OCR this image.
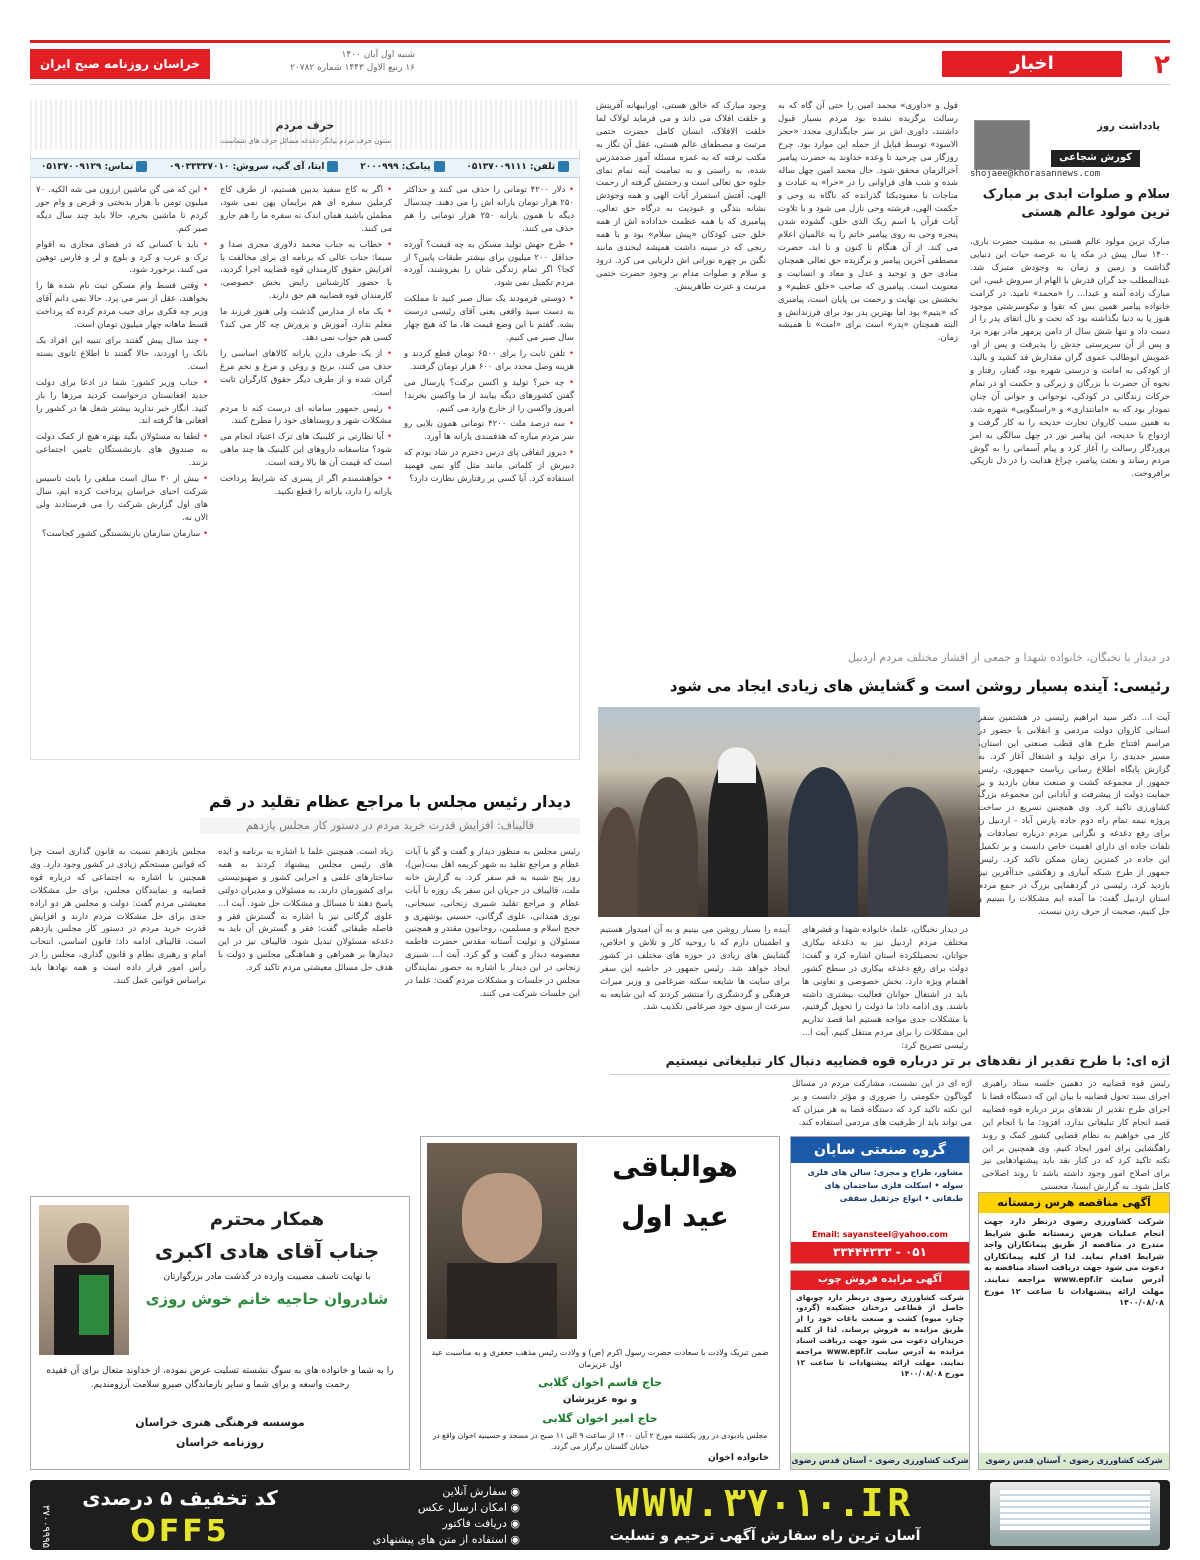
۲
اخبار
شنبه اول آبان ۱۴۰۰
۱۶ ربیع الاول ۱۴۴۳ شماره ۲۰۷۸۲
خراسان روزنامه صبح ایران
یادداشت روز
کورش شجاعی
shojaee@khorasannews.com
سلام و صلوات ابدی بر مبارک ترین مولود عالم هستی
مبارک ترین مولود عالم هستی به مشیت حضرت باری، ۱۴۰۰ سال پیش در مکه پا به عرصه حیات این دنیایی گذاشت و زمین و زمان به وجودش متبرک شد. عبدالمطلب جد گران قدرش با الهام از سروش غیبی، این مبارک زاده آمنه و عبدا... را «محمد» نامید. در کرامت خانواده پیامبر همین بس که تقوا و نیکوسرشتی موجود هنوز پا به دنیا نگذاشته بود که تحت و بال اتقای پدر را از دست داد و تنها شش سال از دامن پرمهر مادر بهره برد و پس از آن سرپرستی جدش را پذیرفت و پس از او، عمویش ابوطالب عموی گران مقدارش قد کشید و بالید. از کودکی به امانت و درستی شهره بود، گفتار، رفتار و نحوه آن حضرت با بزرگان و زیرکی و حکمت او در تمام حرکات زندگانی در کودکی، نوجوانی و جوانی آن چنان نمودار بود که به «امانتداری» و «راستگویی» شهره شد. به همین سبب کاروان تجارت خدیجه را به کار گرفت و ازدواج با خدیجه، این پیامبر نور در چهل سالگی به امر پروردگار رسالت را آغاز کرد و پیام آسمانی را به گوش مردم رساند و بعثت پیامبر، چراغ هدایت را در دل تاریکی برافروخت.
قول و «داوری» محمد امین را حتی آن گاه که به رسالت برگزیده نشده بود مردم بسیار قبول داشتند، داوری اش بر سر جایگذاری مجدد «حجر الاسود» توسط قبایل از جمله این موارد بود. چرخ روزگار می چرخید تا وعده خداوند به حضرت پیامبر آخرالزمان محقق شود. حال محمد امین چهل ساله شده و شب های فراوانی را در «حرا» به عبادت و مناجات با معبودیکتا گذرانده که ناگاه به وحی و حکمت الهی، فرشته وحی نازل می شود و با تلاوت آیات قرآن با اسم ربک الذی خلق، گشوده شدن پنجره وحی به روی پیامبر خاتم را به عالمیان اعلام می کند. از آن هنگام تا کنون و تا ابد، حضرت مصطفی آخرین پیامبر و برگزیده حق تعالی همچنان منادی حق و توحید و عدل و معاد و انسانیت و معنویت است. پیامبری که صاحب «خلق عظیم» و بخشش بی نهایت و رحمت بی پایان است، پیامبری که «یتیم» بود اما بهترین پدر بود برای فرزندانش و البته همچنان «پدر» است برای «امت» تا همیشه زمان.
وجود مبارک که خالق هستی، اوراببهانه آفرینش و خلقت افلاک می داند و می فرماید لولاک لما خلقت الافلاک، انسان کامل حضرت ختمی مرتبت و مصطفای عالم هستی، عقل آن نگار به مکتب نرفته که به غمزه مسئله آموز صدمدرس شده، به راستی و به تمامیت آینه تمام نمای جلوه حق تعالی است و رحمتش گرفته از رحمت الهی، آفتش استمرار آیات الهی و همه وجودش نشانه بندگی و عبودیت به درگاه حق تعالی. پیامبری که با همه عظمت خداداده اش از همه خلق حتی کودکان «پیش سلام» بود و با همه رنجی که در سینه داشت همیشه لبخندی مانند نگین بر چهره نورانی اش دلربایی می کرد. درود و سلام و صلوات مدام بر وجود حضرت ختمی مرتبت و عترت طاهرینش.
حرف مردم
ستون حرف مردم بیانگر دغدغه مسائل حرف های شماست.
تلفن: ۰۵۱۳۷۰۰۹۱۱۱
پیامک: ۲۰۰۰۹۹۹
ایتا، آی گپ، سروش: ۰۹۰۳۳۳۳۷۰۱۰
تماس: ۰۵۱۳۷۰۰۹۱۲۹

• دلار ۴۲۰۰ تومانی را حذف می کنند و حداکثر ۲۵۰ هزار تومان یارانه اش را می دهند. چندسال دیگه با همون یارانه ۲۵۰ هزار تومانی را هم حذف می کنند.

• طرح جهش تولید مسکن به چه قیمت؟ آورده حداقل ۲۰۰ میلیون برای بیشتر طبقات پایین؟ از کجا؟ اگر تمام زندگی شان را بفروشند، آورده مردم تکمیل نمی شود.

• دوستی فرمودند یک سال صبر کنید تا مملکت به دست سید واقعی یعنی آقای رئیسی درست بشه. گفتم با این وضع قیمت ها، ما که هیچ چهار سال صبر می کنیم.

• تلفن ثابت را برای ۶۵۰۰ تومان قطع کردند و هزینه وصل مجدد برای ۶۰۰ هزار تومان گرفتند.

• چه خبر؟ تولید و اکسن برکت؟ پارسال می گفتن کشورهای دیگه بیایند از ما واکسن بخرند! امروز واکسن را از خارج وارد می کنیم.

• سه درصد ملت ۴۲۰۰ تومانی همون بلایی رو سر مردم میاره که هدفمندی یارانه ها آورد.

• دیروز اتفاقی پای درس دخترم در شاد بودم که دبیرش از کلماتی مانند مثل گاو نمی فهمید استفاده کرد. آیا کسی بر رفتارش نظارت دارد؟

• اگر به کاج سفید بدبین هستیم، از طرف کاج کرملین سفره ای هم برایمان پهن نمی شود، مطمئن باشید همان اندک نه سفره ما را هم جارو می کنند.

• خطاب به جناب محمد دلاوری مجری صدا و سیما: جناب عالی که برنامه ای برای مخالفت با افزایش حقوق کارمندان قوه قضاییه اجرا کردید، با حضور کارشناس رایض بخش خصوصی. کارمندان قوه قضاییه هم حق دارند.

• یک ماه از مدارس گذشت ولی هنوز فرزند ما معلم ندارد، آموزش و پرورش چه کار می کند؟ کسی هم جواب نمی دهد.

• از یک طرف دارن یارانه کالاهای اساسی را حذف می کنند، برنج و روغن و مرغ و تخم مرغ گران شده و از طرف دیگر حقوق کارگران ثابت است.

• رئیس جمهور سامانه ای درست کنه تا مردم مشکلات شهر و روستاهای خود را مطرح کنند.

• آیا نظارتی بر کلینیک های ترک اعتیاد انجام می شود؟ متاسفانه داروهای این کلینیک ها چند ماهی است که قیمت آن ها بالا رفته است.

• خواهشمندم اگر از پسری که شرایط پرداخت یارانه را دارد، یارانه را قطع نکنید.

• این که می گن ماشین ارزون می شه الکیه. ۷۰ میلیون تومن با هزار بدبختی و قرض و وام جور کردم تا ماشین بخرم، حالا باید چند سال دیگه صبر کنم.

• باید با کسانی که در فضای مجازی به اقوام ترک و عرب و کرد و بلوچ و لر و فارس توهین می کنند، برخورد شود.

• وقتی قسط وام مسکن ثبت نام شده ها را بخواهند، عقل از سر می پرد. حالا نمی دانم آقای وزیر چه فکری برای جیب مردم کرده که پرداخت قسط ماهانه چهار میلیون تومان است.

• چند سال پیش گفتند برای تنبیه این افراد یک بانک را اوردند، حالا گفتند تا اطلاع ثانوی بسته است.

• جناب وزیر کشور: شما در ادعا برای دولت جدید افغانستان درخواست کردید مرزها را باز کنید. انگار خبر ندارید بیشتر شغل ها در کشور را افغانی ها گرفته اند.

• لطفا به مسئولان بگید بهتره هیچ از کمک دولت به صندوق های بازنشستگان تامین اجتماعی نزنند.

• بیش از ۳۰ سال است مبلغی را بابت تاسیس شرکت احیای خراسان پرداخت کرده ایم، سال های اول گزارش شرکت را می فرستادند ولی الان نه.

• سازمان سازمان بازنشستگی کشور کجاست؟

در دیدار با نخبگان، خانواده شهدا و جمعی از اقشار مختلف مردم اردبیل
رئیسی: آینده بسیار روشن است و گشایش های زیادی ایجاد می شود
آیت ا... دکتر سید ابراهیم رئیسی در هشتمین سفر استانی کاروان دولت مردمی و انقلابی با حضور در مراسم افتتاح طرح های قطب صنعتی این استان، مسیر جدیدی را برای تولید و اشتغال آغاز کرد. به گزارش پایگاه اطلاع رسانی ریاست جمهوری، رئیس جمهور از مجموعه کشت و صنعت مغان بازدید و بر حمایت دولت از پیشرفت و آبادانی این مجموعه بزرگ کشاورزی تاکید کرد. وی همچنین تسریع در ساخت پروژه نیمه تمام راه دوم جاده پارس آباد - اردبیل را برای رفع دغدغه و نگرانی مردم درباره تصادفات و تلفات جاده ای دارای اهمیت خاص دانست و بر تکمیل این جاده در کمترین زمان ممکن تاکید کرد. رئیس جمهور از طرح شبکه آبیاری و زهکشی خداآفرین نیز بازدید کرد. رئیسی در گردهمایی بزرگ در جمع مردم استان اردبیل گفت: ما آمده ایم مشکلات را ببینیم و حل کنیم، صحبت از حرف زدن نیست.
در دیدار نخبگان، علما، خانواده شهدا و قشرهای مختلف مردم اردبیل نیز به دغدغه بیکاری جوانان، تحصیلکرده استان اشاره کرد و گفت: دولت برای رفع دغدغه بیکاری در سطح کشور اهتمام ویژه دارد. بخش خصوصی و تعاونی ها باید در اشتغال جوانان فعالیت بیشتری داشته باشند. وی ادامه داد: ما دولت را تحویل گرفتیم، با مشکلات جدی مواجه هستیم اما قصد نداریم این مشکلات را برای مردم منتقل کنیم. آیت ا... رئیسی تصریح کرد:
آینده را بسیار روشن می بینیم و به آن امیدوار هستیم و اطمینان دارم که با روحیه کار و تلاش و اخلاص، گشایش های زیادی در حوزه های مختلف در کشور ایجاد خواهد شد. رئیس جمهور در حاشیه این سفر برای سایت ها شایعه سکته ضرغامی و وزیر میراث فرهنگی و گردشگری را منتشر کردند که این شایعه به سرعت از سوی خود ضرغامی تکذیب شد.
دیدار رئیس مجلس با مراجع عظام تقلید در قم
قالیباف: افزایش قدرت خرید مردم در دستور کار مجلس یازدهم
رئیس مجلس به منظور دیدار و گفت و گو با آیات عظام و مراجع تقلید به شهر کریمه اهل بیت(س)، روز پنج شنبه به قم سفر کرد. به گزارش خانه ملت، قالیباف در جریان این سفر یک روزه با آیات عظام و مراجع تقلید شبیری زنجانی، سبحانی، نوری همدانی، علوی گرگانی، حسینی بوشهری و حجج اسلام و مسلمین، روحانیون مقتدر و همچنین مسئولان و تولیت آستانه مقدس حضرت فاطمه معصومه دیدار و گفت و گو کرد. آیت ا... شبیری زنجانی در این دیدار با اشاره به حضور نمایندگان مجلس در جلسات و مشکلات مردم گفت: علما در این جلسات شرکت می کنند.
زیاد است. همچنین علما با اشاره به برنامه و ایده های رئیس مجلس پیشنهاد کردند به همه ساختارهای علمی و اجرایی کشور و صهیونیستی برای کشورمان دارند، به مسئولان و مدیران دولتی پاسخ دهند تا مسائل و مشکلات حل شود. آیت ا... علوی گرگانی نیز با اشاره به گسترش فقر و فاصله طبقاتی گفت: فقر و گسترش آن باید به دغدغه مسئولان تبدیل شود. قالیباف نیز در این دیدارها بر همراهی و هماهنگی مجلس و دولت با هدف حل مسائل معیشتی مردم تاکید کرد.
مجلس یازدهم نسبت به قانون گذاری است چرا که قوانین مستحکم زیادی در کشور وجود دارد. وی همچنین با اشاره به اجتماعی که درباره قوه قضاییه و نمایندگان مجلس، برای حل مشکلات معیشتی مردم گفت: دولت و مجلس هر دو اراده جدی برای حل مشکلات مردم دارند و افزایش قدرت خرید مردم در دستور کار مجلس یازدهم است. قالیباف ادامه داد: قانون اساسی، انتخاب امام و رهبری نظام و قانون گذاری، مجلس را در رأس امور قرار داده است و همه نهادها باید براساس قوانین عمل کنند.
اژه ای: با طرح تقدیر از نقدهای بر تر درباره قوه قضاییه دنبال کار تبلیغاتی نیستیم
رئیس قوه قضاییه در دهمین جلسه ستاد راهبری اجرای سند تحول قضاییه با بیان این که دستگاه قضا با اجرای طرح تقدیر از نقدهای برتر درباره قوه قضاییه قصد انجام کار تبلیغاتی ندارد، افزود: ما با انجام این کار می خواهیم به نظام قضایی کشور کمک و روند راهگشایی برای امور ایجاد کنیم. وی همچنین بر این نکته تاکید کرد که در کنار نقد باید پیشنهادهایی نیز برای اصلاح امور وجود داشته باشد تا روند اصلاحی کامل شود. به گزارش ایسنا، محسنی
اژه ای در این نشست، مشارکت مردم در مسائل گوناگون حکومتی را ضروری و مؤثر دانست و بر این نکته تاکید کرد که دستگاه قضا به هر میزان که می تواند باید از ظرفیت های مردمی استفاده کند.
گروه صنعتی سایان
مشاور، طراح و مجری: سالن های فلزی سوله • اسکلت فلزی ساختمان های طبقاتی • انواع جرثقیل سقفی
Email: sayansteel@yahoo.com
۰۵۱ - ۳۳۴۴۴۳۳۳
آگهی مزایده فروش چوب
شرکت کشاورزی رضوی درنظر دارد چوبهای حاصل از قطاعی درختان خشکیده (گردو، چنار، میوه) کشت و صنعت باغات خود را از طریق مزایده به فروش برساند. لذا از کلیه خریداران دعوت می شود جهت دریافت اسناد مزایده به آدرس سایت www.epf.ir مراجعه نمایند. مهلت ارائه پیشنهادات تا ساعت ۱۲ مورخ ۱۴۰۰/۰۸/۰۸
شرکت کشاورزی رضوی - آستان قدس رضوی
آگهی مناقصه هرس زمستانه
شرکت کشاورزی رضوی درنظر دارد جهت انجام عملیات هرس زمستانه طبق شرایط مندرج در مناقصه از طریق پیمانکاران واجد شرایط اقدام نماید. لذا از کلیه پیمانکاران دعوت می شود جهت دریافت اسناد مناقصه به آدرس سایت www.epf.ir مراجعه نمایند. مهلت ارائه پیشنهادات تا ساعت ۱۲ مورخ ۱۴۰۰/۰۸/۰۸
شرکت کشاورزی رضوی - آستان قدس رضوی
هوالباقی
عید اول
ضمن تبریک ولادت با سعادت حضرت رسول اکرم (ص) و ولادت رئیس مذهب جعفری و به مناسبت عید اول عزیزمان
حاج قاسم اخوان گلابی
و نوه عزیزشان
حاج امیر اخوان گلابی
مجلس یادبودی در روز یکشنبه مورخ ۲ آبان ۱۴۰۰ از ساعت ۹ الی ۱۱ صبح در مسجد و حسینیه اخوان واقع در خیابان گلستان برگزار می گردد.
خانواده اخوان
همکار محترم
جناب آقای هادی اکبری
با نهایت تاسف مصیبت وارده در گذشت مادر بزرگوارتان
شادروان حاجیه خانم خوش روزی
را به شما و خانواده های به سوگ نشسته تسلیت عرض نموده، از خداوند متعال برای آن فقیده رحمت واسعه و برای شما و سایر بازماندگان صبرو سلامت آرزومندیم.
موسسه فرهنگی هنری خراسان
روزنامه خراسان
WWW.۳۷۰۱۰.IR
آسان ترین راه سفارش آگهی ترحیم و تسلیت
◉ سفارش آنلاین
◉ امکان ارسال عکس
◉ دریافت فاکتور
◉ استفاده از متن های پیشنهادی
کد تخفیف ۵ درصدی
OFF5
۳۷۰۰۹۹۹۵
